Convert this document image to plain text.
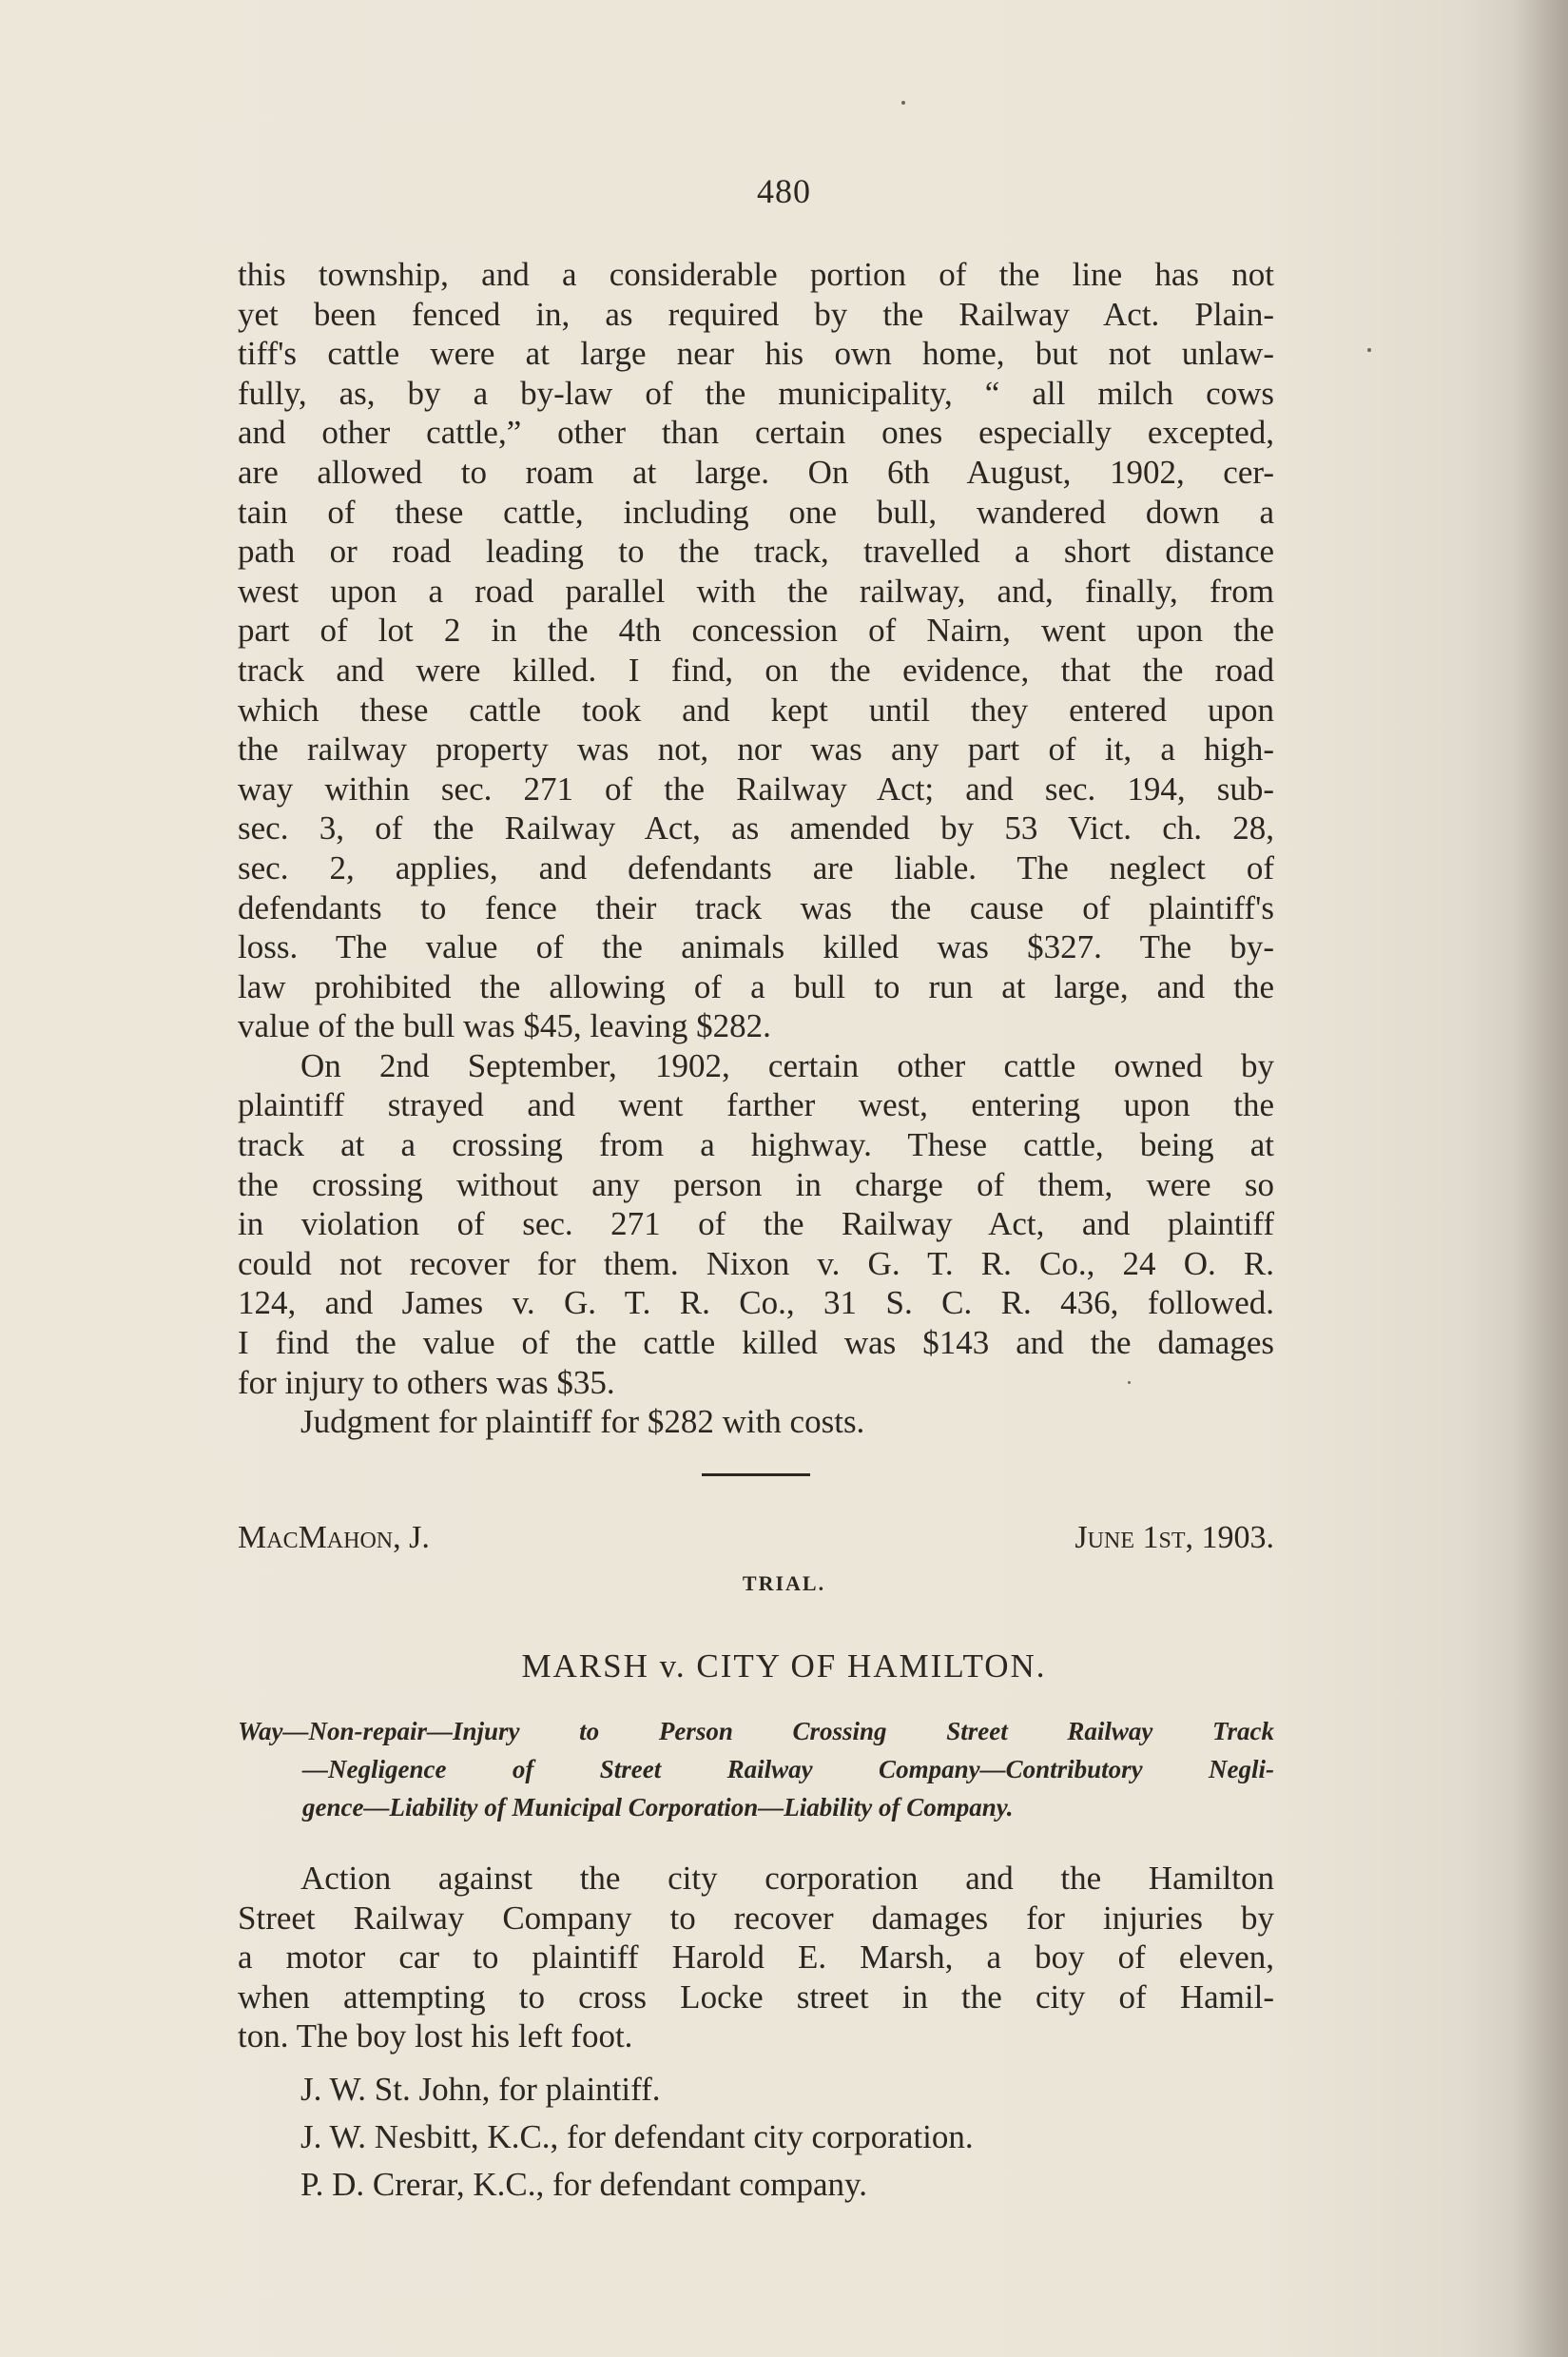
480
this township, and a considerable portion of the line has not
yet been fenced in, as required by the Railway Act. Plain-
tiff's cattle were at large near his own home, but not unlaw-
fully, as, by a by-law of the municipality, “ all milch cows
and other cattle,” other than certain ones especially excepted,
are allowed to roam at large. On 6th August, 1902, cer-
tain of these cattle, including one bull, wandered down a
path or road leading to the track, travelled a short distance
west upon a road parallel with the railway, and, finally, from
part of lot 2 in the 4th concession of Nairn, went upon the
track and were killed. I find, on the evidence, that the road
which these cattle took and kept until they entered upon
the railway property was not, nor was any part of it, a high-
way within sec. 271 of the Railway Act; and sec. 194, sub-
sec. 3, of the Railway Act, as amended by 53 Vict. ch. 28,
sec. 2, applies, and defendants are liable. The neglect of
defendants to fence their track was the cause of plaintiff's
loss. The value of the animals killed was $327. The by-
law prohibited the allowing of a bull to run at large, and the
value of the bull was $45, leaving $282.
On 2nd September, 1902, certain other cattle owned by
plaintiff strayed and went farther west, entering upon the
track at a crossing from a highway. These cattle, being at
the crossing without any person in charge of them, were so
in violation of sec. 271 of the Railway Act, and plaintiff
could not recover for them. Nixon v. G. T. R. Co., 24 O. R.
124, and James v. G. T. R. Co., 31 S. C. R. 436, followed.
I find the value of the cattle killed was $143 and the damages
for injury to others was $35.
Judgment for plaintiff for $282 with costs.
MacMahon, J.	June 1st, 1903.
TRIAL.
MARSH v. CITY OF HAMILTON.
Way—Non-repair—Injury to Person Crossing Street Railway Track
—Negligence of Street Railway Company—Contributory Negli-
gence—Liability of Municipal Corporation—Liability of Company.
Action against the city corporation and the Hamilton
Street Railway Company to recover damages for injuries by
a motor car to plaintiff Harold E. Marsh, a boy of eleven,
when attempting to cross Locke street in the city of Hamil-
ton. The boy lost his left foot.
J. W. St. John, for plaintiff.
J. W. Nesbitt, K.C., for defendant city corporation.
P. D. Crerar, K.C., for defendant company.
